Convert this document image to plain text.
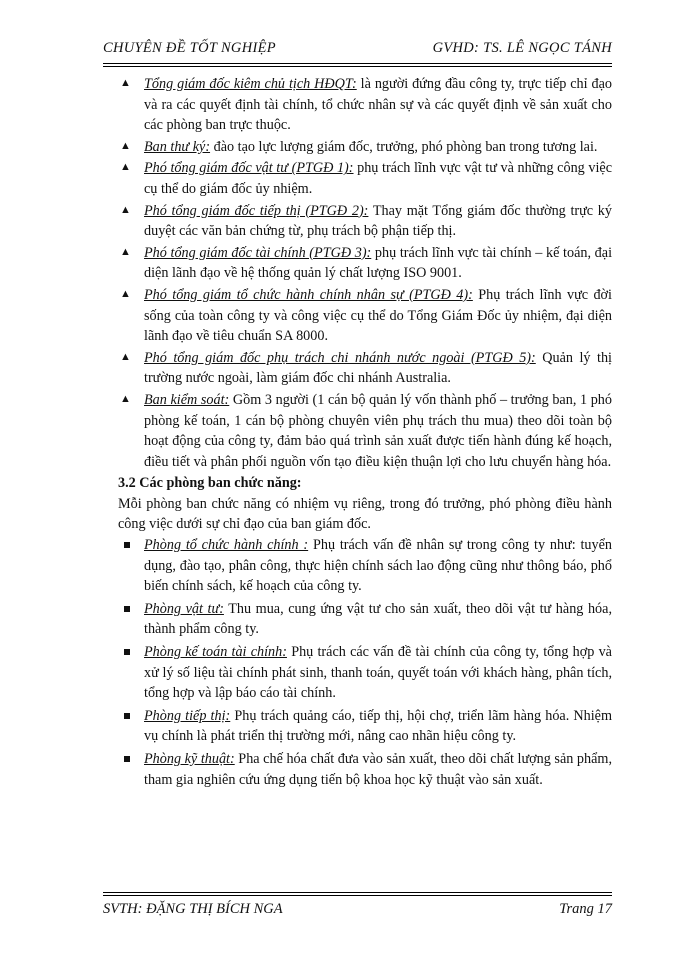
CHUYÊN ĐỀ TỐT NGHIỆP	GVHD: TS. LÊ NGỌC TÁNH
▲ Tổng giám đốc kiêm chủ tịch HĐQT: là người đứng đầu công ty, trực tiếp chỉ đạo và ra các quyết định tài chính, tổ chức nhân sự và các quyết định về sản xuất cho các phòng ban trực thuộc.
▲ Ban thư ký: đào tạo lực lượng giám đốc, trưởng, phó phòng ban trong tương lai.
▲ Phó tổng giám đốc vật tư (PTGĐ 1): phụ trách lĩnh vực vật tư và những công việc cụ thể do giám đốc ủy nhiệm.
▲ Phó tổng giám đốc tiếp thị (PTGĐ 2): Thay mặt Tổng giám đốc thường trực ký duyệt các văn bản chứng từ, phụ trách bộ phận tiếp thị.
▲ Phó tổng giám đốc tài chính (PTGĐ 3): phụ trách lĩnh vực tài chính – kế toán, đại diện lãnh đạo về hệ thống quản lý chất lượng ISO 9001.
▲ Phó tổng giám tổ chức hành chính nhân sự (PTGĐ 4): Phụ trách lĩnh vực đời sống của toàn công ty và công việc cụ thể do Tổng Giám Đốc ủy nhiệm, đại diện lãnh đạo về tiêu chuẩn SA 8000.
▲ Phó tổng giám đốc phụ trách chi nhánh nước ngoài (PTGĐ 5): Quản lý thị trường nước ngoài, làm giám đốc chi nhánh Australia.
▲ Ban kiểm soát: Gồm 3 người (1 cán bộ quản lý vốn thành phố – trưởng ban, 1 phó phòng kế toán, 1 cán bộ phòng chuyên viên phụ trách thu mua) theo dõi toàn bộ hoạt động của công ty, đảm bảo quá trình sản xuất được tiến hành đúng kế hoạch, điều tiết và phân phối nguồn vốn tạo điều kiện thuận lợi cho lưu chuyển hàng hóa.
3.2 Các phòng ban chức năng:
Mỗi phòng ban chức năng có nhiệm vụ riêng, trong đó trưởng, phó phòng điều hành công việc dưới sự chỉ đạo của ban giám đốc.
Phòng tổ chức hành chính : Phụ trách vấn đề nhân sự trong công ty như: tuyển dụng, đào tạo, phân công, thực hiện chính sách lao động cũng như thông báo, phổ biến chính sách, kế hoạch của công ty.
Phòng vật tư: Thu mua, cung ứng vật tư cho sản xuất, theo dõi vật tư hàng hóa, thành phẩm công ty.
Phòng kế toán tài chính: Phụ trách các vấn đề tài chính của công ty, tổng hợp và xử lý số liệu tài chính phát sinh, thanh toán, quyết toán với khách hàng, phân tích, tổng hợp và lập báo cáo tài chính.
Phòng tiếp thị: Phụ trách quảng cáo, tiếp thị, hội chợ, triển lãm hàng hóa. Nhiệm vụ chính là phát triển thị trường mới, nâng cao nhãn hiệu công ty.
Phòng kỹ thuật: Pha chế hóa chất đưa vào sản xuất, theo dõi chất lượng sản phẩm, tham gia nghiên cứu ứng dụng tiến bộ khoa học kỹ thuật vào sản xuất.
SVTH: ĐẶNG THỊ BÍCH NGA	Trang 17
